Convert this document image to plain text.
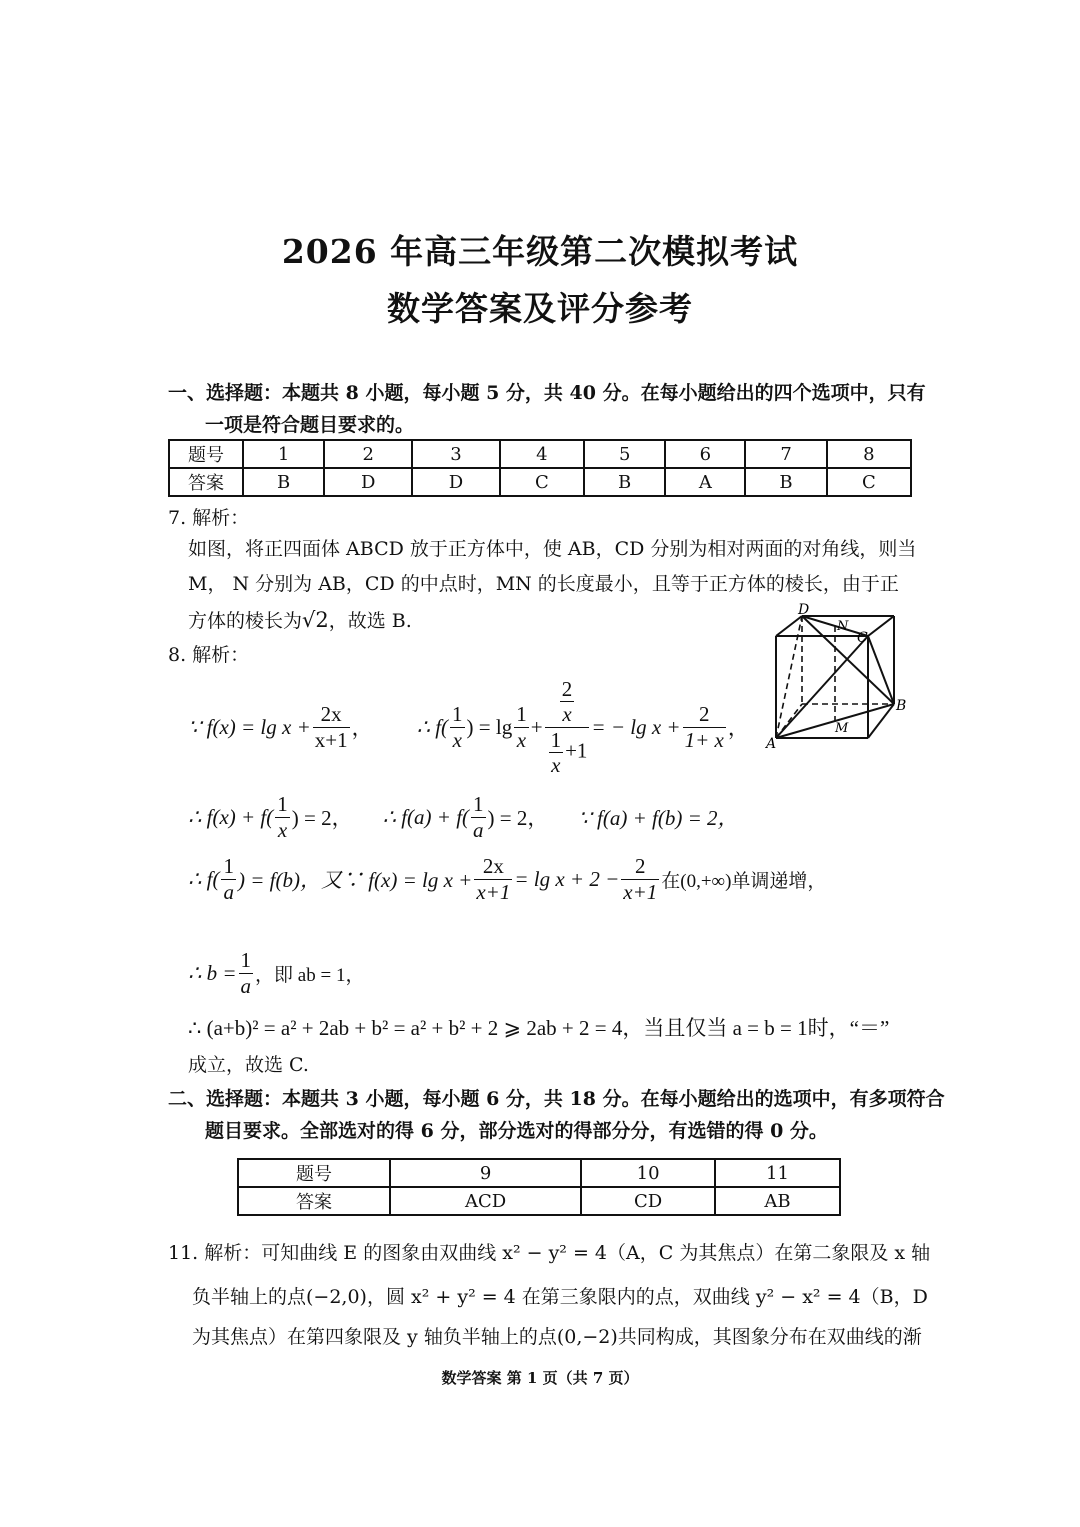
2026 年高三年级第二次模拟考试
数学答案及评分参考
一、选择题：本题共 8 小题，每小题 5 分，共 40 分。在每小题给出的四个选项中，只有
一项是符合题目要求的。
题号	1	2	3	4	5	6	7	8
答案	B	D	D	C	B	A	B	C
7. 解析：
如图，将正四面体 ABCD 放于正方体中，使 AB，CD 分别为相对两面的对角线，则当
M， N 分别为 AB，CD 的中点时，MN 的长度最小，且等于正方体的棱长，由于正
方体的棱长为√2，故选 B.	D
N
C
B
A
M
8. 解析：
∵ $f(x) = \lg x + \frac{2x}{x+1}$ ， ∴ $f( \frac{1}{x}$ ) = $\lg \frac{1}{x} + \frac{\frac{2}{x}}{\frac{1}{x} +1}$ = − $\lg x + \frac{2}{1+ x}$ ，
∴ $f(x) + f( \frac{1}{x}$ ) = 2， ∴ $f(a) + f( \frac{1}{a}$ ) = 2， ∵ f(a) + f(b) = 2，
∴ $f( \frac{1}{a}$ ) = f(b)，又∵ $f(x) = \lg x + \frac{2x}{x+1} = \lg x + 2 - \frac{2}{x+1}$ 在(0,+∞)单调递增，
∴ $b = \frac{1}{a}$ ，即 ab = 1，
∴ (a+b)² = a² + 2ab + b² = a² + b² + 2 ⩾ 2ab + 2 = 4，当且仅当 a = b = 1时，“＝”
成立，故选 C.
二、选择题：本题共 3 小题，每小题 6 分，共 18 分。在每小题给出的选项中，有多项符合
题目要求。全部选对的得 6 分，部分选对的得部分分，有选错的得 0 分。
题号	9	10	11
答案	ACD	CD	AB
11. 解析：可知曲线 E 的图象由双曲线 x² − y² = 4（A，C 为其焦点）在第二象限及 x 轴
负半轴上的点(−2,0)，圆 x² + y² = 4 在第三象限内的点，双曲线 y² − x² = 4（B，D
为其焦点）在第四象限及 y 轴负半轴上的点(0,−2)共同构成，其图象分布在双曲线的渐
数学答案 第 1 页（共 7 页）
